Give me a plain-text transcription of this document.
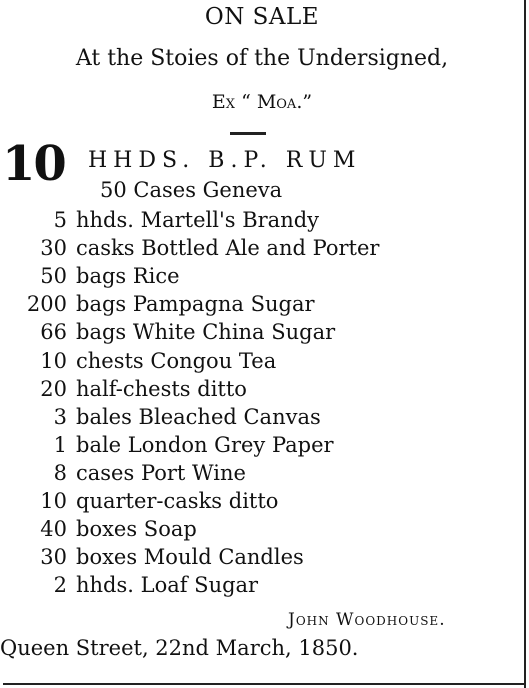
ON SALE
At the Stoies of the Undersigned,
Ex “ Moa.”
10 HHDS. B.P. RUM
50 Cases Geneva
5 hhds. Martell's Brandy
30 casks Bottled Ale and Porter
50 bags Rice
200 bags Pampagna Sugar
66 bags White China Sugar
10 chests Congou Tea
20 half-chests ditto
3 bales Bleached Canvas
1 bale London Grey Paper
8 cases Port Wine
10 quarter-casks ditto
40 boxes Soap
30 boxes Mould Candles
2 hhds. Loaf Sugar
John Woodhouse.
Queen Street, 22nd March, 1850.
